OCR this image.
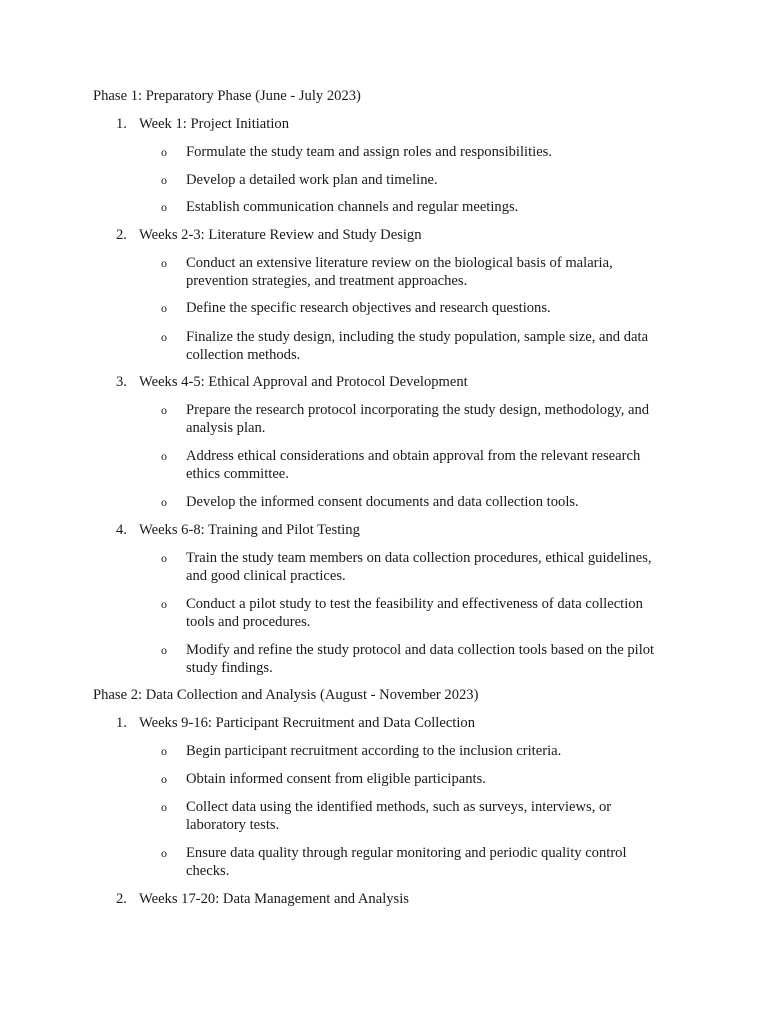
Phase 1: Preparatory Phase (June - July 2023)
1. Week 1: Project Initiation
o Formulate the study team and assign roles and responsibilities.
o Develop a detailed work plan and timeline.
o Establish communication channels and regular meetings.
2. Weeks 2-3: Literature Review and Study Design
o Conduct an extensive literature review on the biological basis of malaria, prevention strategies, and treatment approaches.
o Define the specific research objectives and research questions.
o Finalize the study design, including the study population, sample size, and data collection methods.
3. Weeks 4-5: Ethical Approval and Protocol Development
o Prepare the research protocol incorporating the study design, methodology, and analysis plan.
o Address ethical considerations and obtain approval from the relevant research ethics committee.
o Develop the informed consent documents and data collection tools.
4. Weeks 6-8: Training and Pilot Testing
o Train the study team members on data collection procedures, ethical guidelines, and good clinical practices.
o Conduct a pilot study to test the feasibility and effectiveness of data collection tools and procedures.
o Modify and refine the study protocol and data collection tools based on the pilot study findings.
Phase 2: Data Collection and Analysis (August - November 2023)
1. Weeks 9-16: Participant Recruitment and Data Collection
o Begin participant recruitment according to the inclusion criteria.
o Obtain informed consent from eligible participants.
o Collect data using the identified methods, such as surveys, interviews, or laboratory tests.
o Ensure data quality through regular monitoring and periodic quality control checks.
2. Weeks 17-20: Data Management and Analysis
